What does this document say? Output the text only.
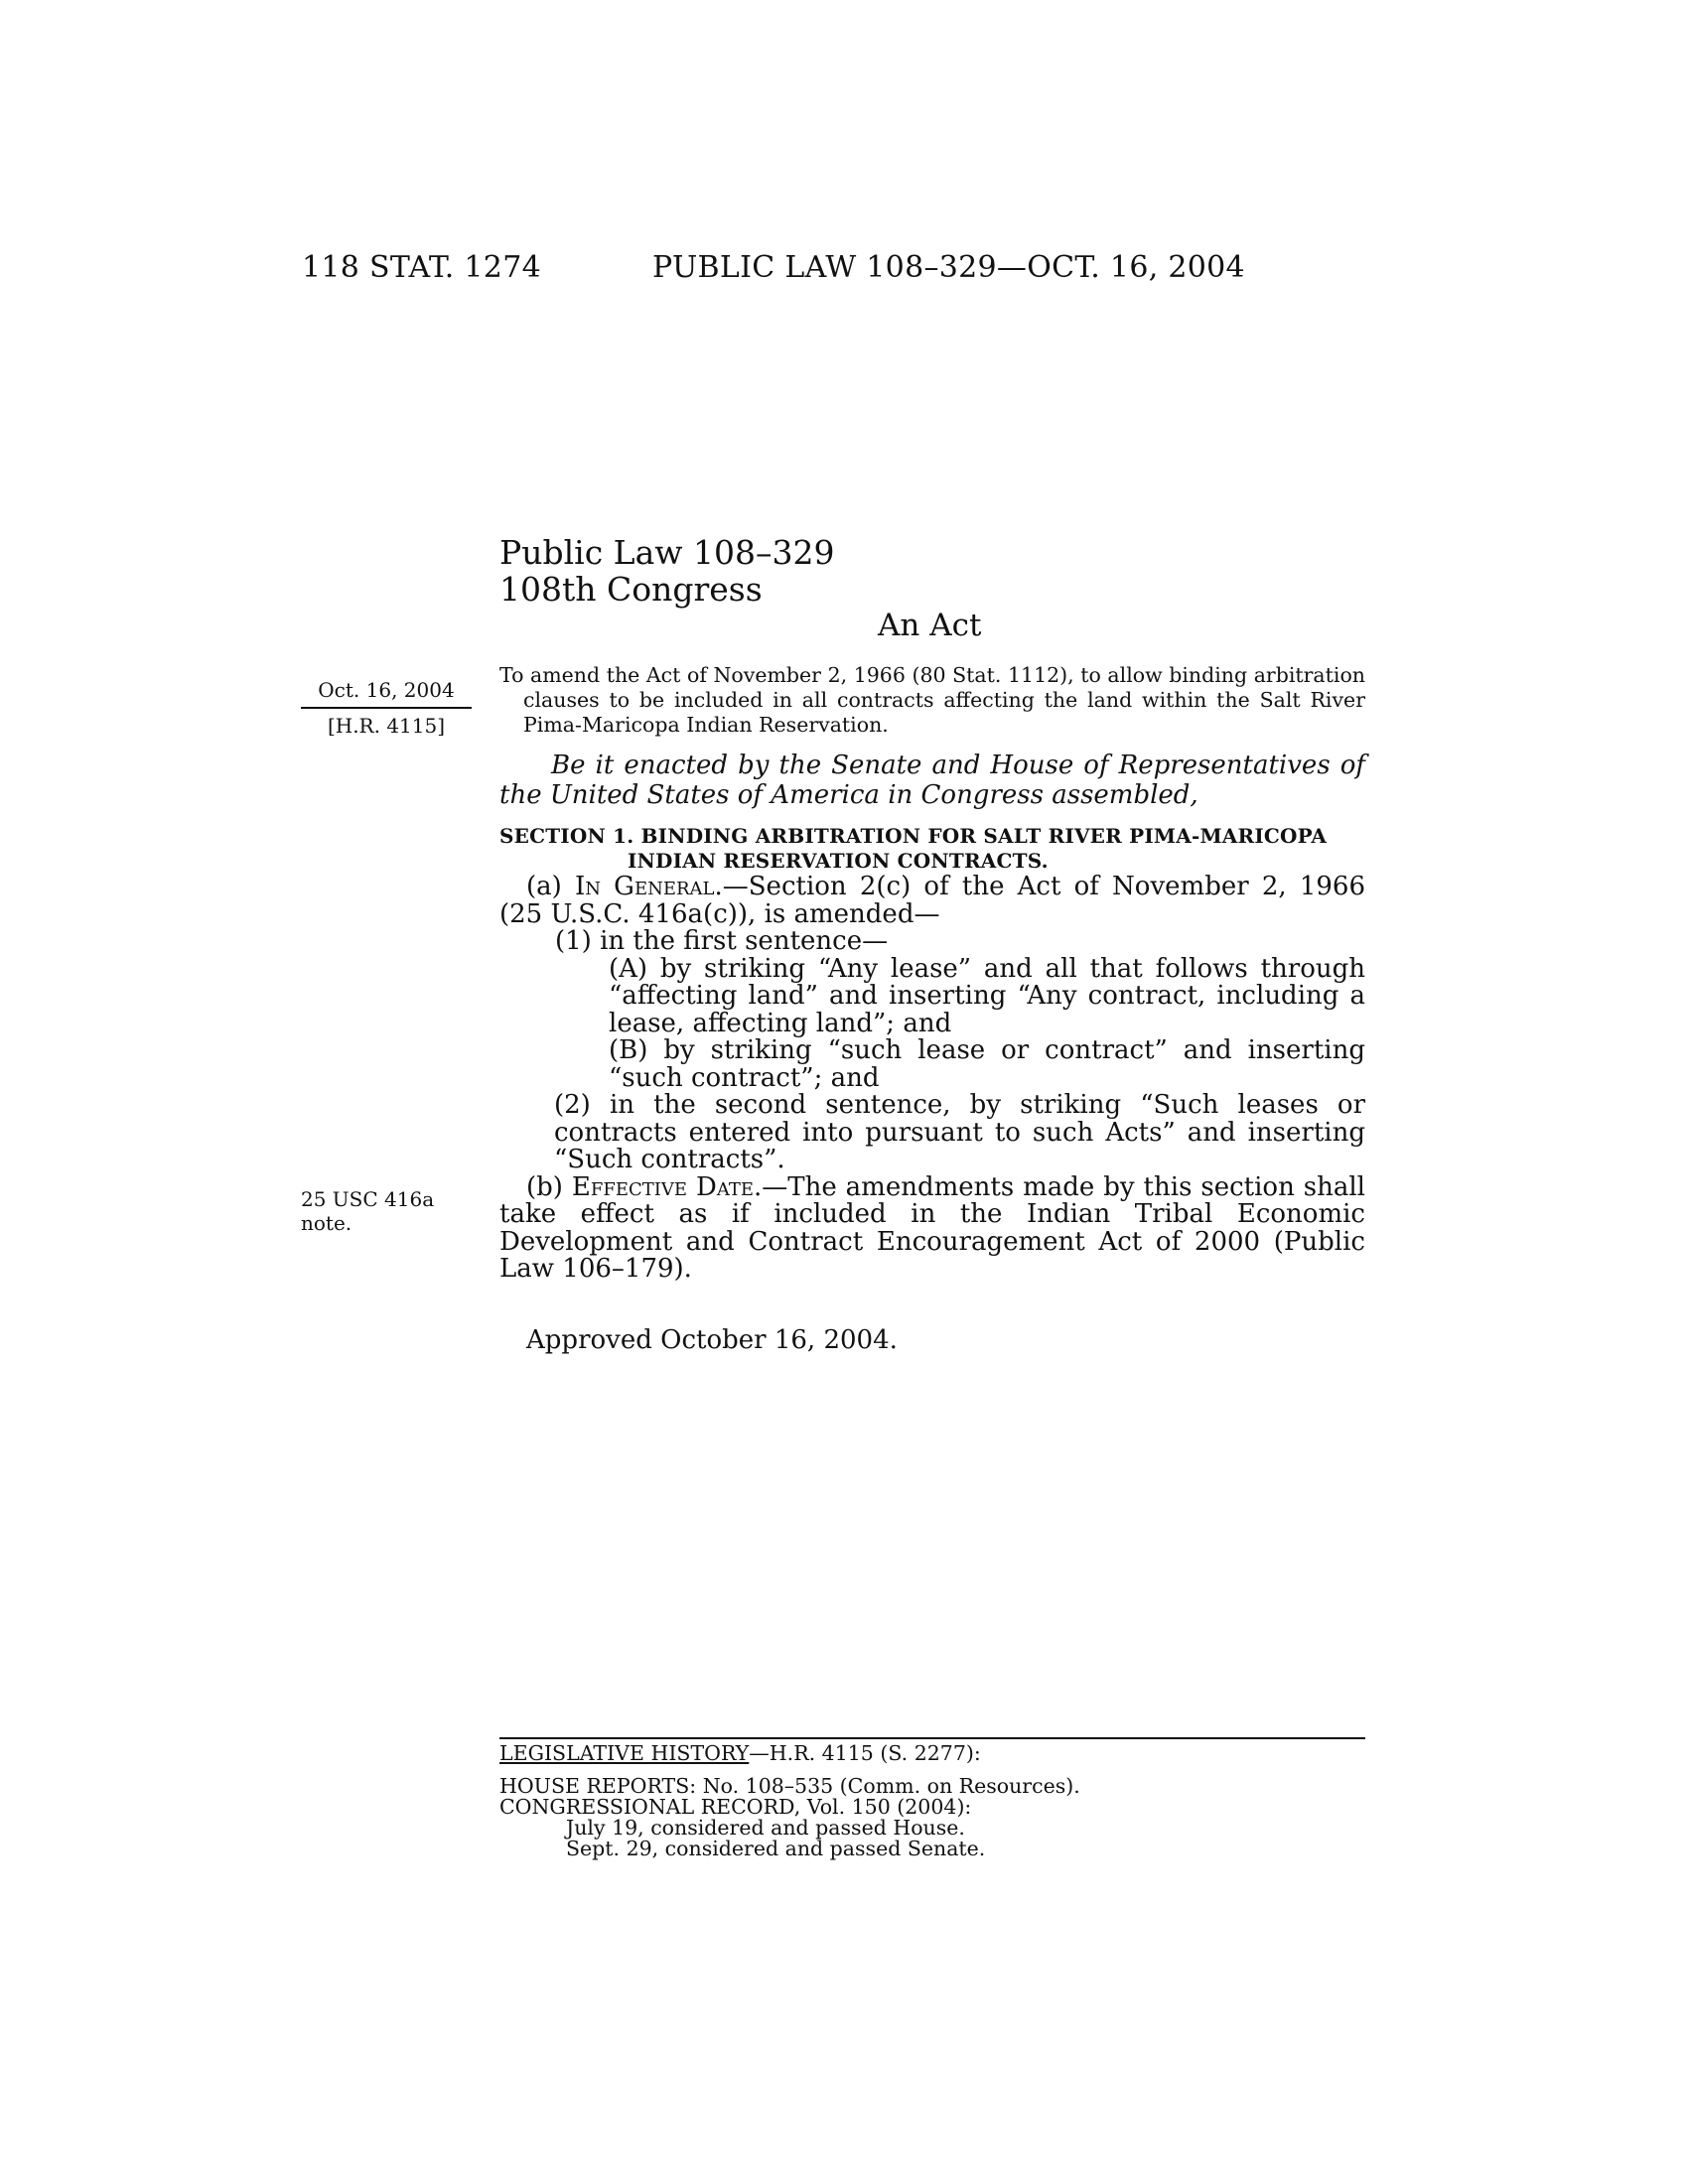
118 STAT. 1274	PUBLIC LAW 108–329—OCT. 16, 2004
Public Law 108–329
108th Congress
An Act
Oct. 16, 2004
[H.R. 4115]
To amend the Act of November 2, 1966 (80 Stat. 1112), to allow binding arbitration clauses to be included in all contracts affecting the land within the Salt River Pima-Maricopa Indian Reservation.
Be it enacted by the Senate and House of Representatives of the United States of America in Congress assembled,
SECTION 1. BINDING ARBITRATION FOR SALT RIVER PIMA-MARICOPA
INDIAN RESERVATION CONTRACTS.

(a) In General.—Section 2(c) of the Act of November 2, 1966 (25 U.S.C. 416a(c)), is amended—

(1) in the first sentence—

(A) by striking “Any lease” and all that follows through “affecting land” and inserting “Any contract, including a lease, affecting land”; and

(B) by striking “such lease or contract” and inserting “such contract”; and

(2) in the second sentence, by striking “Such leases or contracts entered into pursuant to such Acts” and inserting “Such contracts”.

(b) Effective Date.—The amendments made by this section shall take effect as if included in the Indian Tribal Economic Development and Contract Encouragement Act of 2000 (Public Law 106–179).

25 USC 416a
note.
Approved October 16, 2004.

LEGISLATIVE HISTORY—H.R. 4115 (S. 2277):

HOUSE REPORTS: No. 108–535 (Comm. on Resources).

CONGRESSIONAL RECORD, Vol. 150 (2004):

July 19, considered and passed House.

Sept. 29, considered and passed Senate.
